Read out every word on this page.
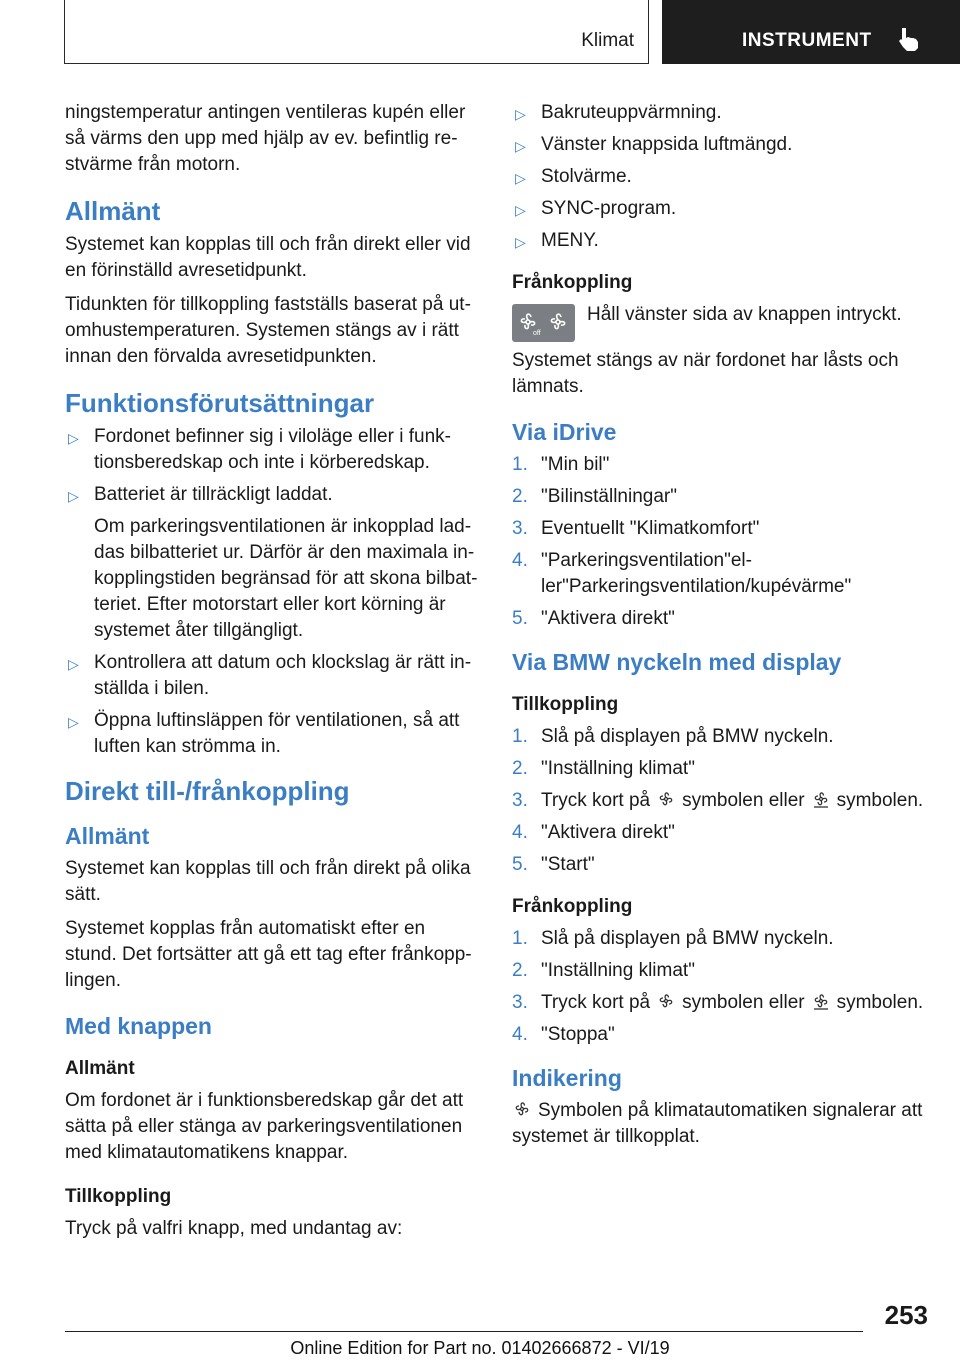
Klimat	INSTRUMENT

ningstemperatur antingen ventileras kupén eller så värms den upp med hjälp av ev. befintlig restvärme från motorn.

Allmänt

Systemet kan kopplas till och från direkt eller vid en förinställd avresetidpunkt.

Tidunkten för tillkoppling fastställs baserat på utomhustemperaturen. Systemen stängs av i rätt innan den förvalda avresetidpunkten.

Funktionsförutsättningar
▷ Fordonet befinner sig i viloläge eller i funktionsberedskap och inte i körberedskap.
▷ Batteriet är tillräckligt laddat.
Om parkeringsventilationen är inkopplad laddas bilbatteriet ur. Därför är den maximala inkopplingstiden begränsad för att skona bilbatteriet. Efter motorstart eller kort körning är systemet åter tillgängligt.
▷ Kontrollera att datum och klockslag är rätt inställda i bilen.
▷ Öppna luftinsläppen för ventilationen, så att luften kan strömma in.
Direkt till-/frånkoppling
Allmänt

Systemet kan kopplas till och från direkt på olika sätt.

Systemet kopplas från automatiskt efter en stund. Det fortsätter att gå ett tag efter frånkopplingen.

Med knappen
Allmänt

Om fordonet är i funktionsberedskap går det att sätta på eller stänga av parkeringsventilationen med klimatautomatikens knappar.

Tillkoppling

Tryck på valfri knapp, med undantag av:

▷ Bakruteuppvärmning.
▷ Vänster knappsida luftmängd.
▷ Stolvärme.
▷ SYNC-program.
▷ MENY.
Frånkoppling
off

Håll vänster sida av knappen intryckt.

Systemet stängs av när fordonet har låsts och lämnats.

Via iDrive
1. "Min bil"
2. "Bilinställningar"
3. Eventuellt "Klimatkomfort"
4. "Parkeringsventilation"eller"Parkeringsventilation/kupévärme"
5. "Aktivera direkt"
Via BMW nyckeln med display
Tillkoppling
1. Slå på displayen på BMW nyckeln.
2. "Inställning klimat"
3. Tryck kort på symbolen eller symbolen.
4. "Aktivera direkt"
5. "Start"
Frånkoppling
1. Slå på displayen på BMW nyckeln.
2. "Inställning klimat"
3. Tryck kort på symbolen eller symbolen.
4. "Stoppa"
Indikering

Symbolen på klimatautomatiken signalerar att systemet är tillkopplat.

253
Online Edition for Part no. 01402666872 - VI/19
